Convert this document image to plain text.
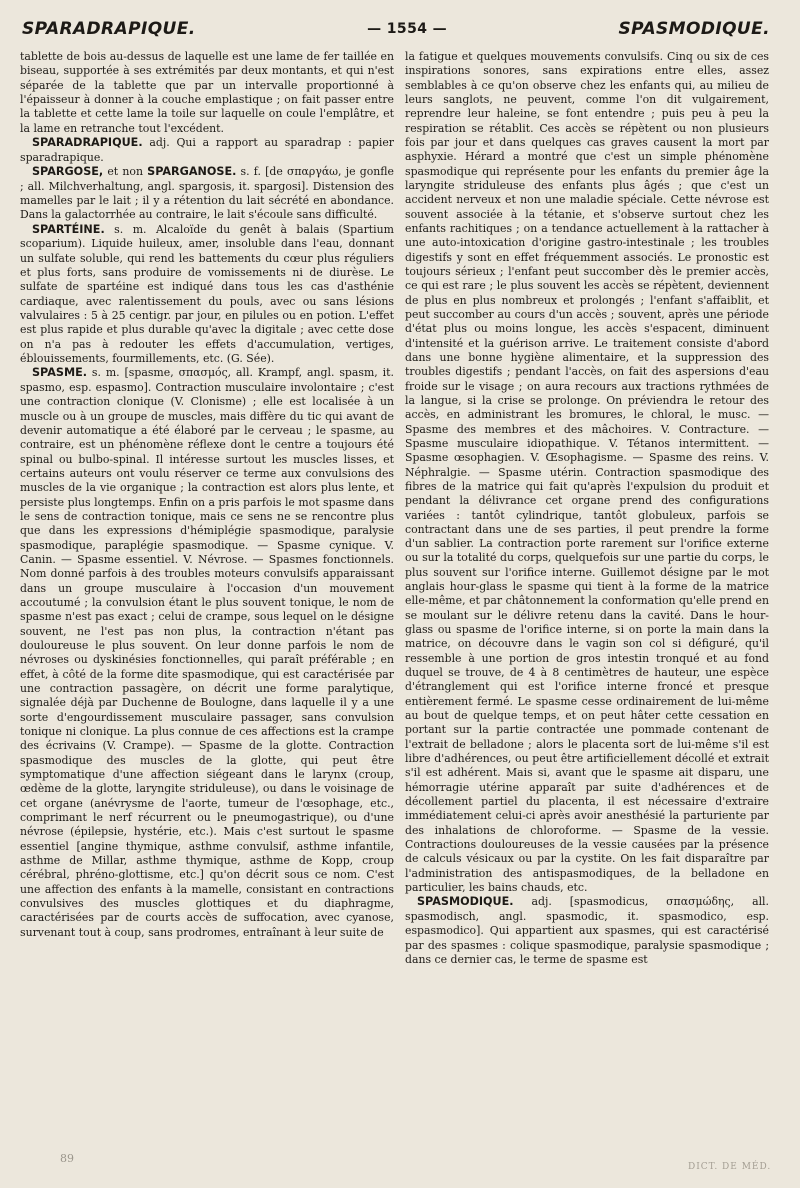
SPARADRAPIQUE.	— 1554 —	SPASMODIQUE.

tablette de bois au-dessus de laquelle est une lame de fer taillée en biseau, supportée à ses extrémités par deux montants, et qui n'est séparée de la tablette que par un intervalle proportionné à l'épaisseur à donner à la couche emplastique ; on fait passer entre la tablette et cette lame la toile sur laquelle on coule l'emplâtre, et la lame en retranche tout l'excédent.

SPARADRAPIQUE. adj. Qui a rapport au sparadrap : papier sparadrapique.

SPARGOSE, et non SPARGANOSE. s. f. [de σπαργάω, je gonfle ; all. Milchverhaltung, angl. spargosis, it. spargosi]. Distension des mamelles par le lait ; il y a rétention du lait sécrété en abondance. Dans la galactorrhée au contraire, le lait s'écoule sans difficulté.

SPARTÉINE. s. m. Alcaloïde du genêt à balais (Spartium scoparium). Liquide huileux, amer, insoluble dans l'eau, donnant un sulfate soluble, qui rend les battements du cœur plus réguliers et plus forts, sans produire de vomissements ni de diurèse. Le sulfate de spartéine est indiqué dans tous les cas d'asthénie cardiaque, avec ralentissement du pouls, avec ou sans lésions valvulaires : 5 à 25 centigr. par jour, en pilules ou en potion. L'effet est plus rapide et plus durable qu'avec la digitale ; avec cette dose on n'a pas à redouter les effets d'accumulation, vertiges, éblouissements, fourmillements, etc. (G. Sée).

SPASME. s. m. [spasme, σπασμός, all. Krampf, angl. spasm, it. spasmo, esp. espasmo]. Contraction musculaire involontaire ; c'est une contraction clonique (V. Clonisme) ; elle est localisée à un muscle ou à un groupe de muscles, mais diffère du tic qui avant de devenir automatique a été élaboré par le cerveau ; le spasme, au contraire, est un phénomène réflexe dont le centre a toujours été spinal ou bulbo-spinal. Il intéresse surtout les muscles lisses, et certains auteurs ont voulu réserver ce terme aux convulsions des muscles de la vie organique ; la contraction est alors plus lente, et persiste plus longtemps. Enfin on a pris parfois le mot spasme dans le sens de contraction tonique, mais ce sens ne se rencontre plus que dans les expressions d'hémiplégie spasmodique, paralysie spasmodique, paraplégie spasmodique. — Spasme cynique. V. Canin. — Spasme essentiel. V. Névrose. — Spasmes fonctionnels. Nom donné parfois à des troubles moteurs convulsifs apparaissant dans un groupe musculaire à l'occasion d'un mouvement accoutumé ; la convulsion étant le plus souvent tonique, le nom de spasme n'est pas exact ; celui de crampe, sous lequel on le désigne souvent, ne l'est pas non plus, la contraction n'étant pas douloureuse le plus souvent. On leur donne parfois le nom de névroses ou dyskinésies fonctionnelles, qui paraît préférable ; en effet, à côté de la forme dite spasmodique, qui est caractérisée par une contraction passagère, on décrit une forme paralytique, signalée déjà par Duchenne de Boulogne, dans laquelle il y a une sorte d'engourdissement musculaire passager, sans convulsion tonique ni clonique. La plus connue de ces affections est la crampe des écrivains (V. Crampe). — Spasme de la glotte. Contraction spasmodique des muscles de la glotte, qui peut être symptomatique d'une affection siégeant dans le larynx (croup, œdème de la glotte, laryngite striduleuse), ou dans le voisinage de cet organe (anévrysme de l'aorte, tumeur de l'œsophage, etc., comprimant le nerf récurrent ou le pneumogastrique), ou d'une névrose (épilepsie, hystérie, etc.). Mais c'est surtout le spasme essentiel [angine thymique, asthme convulsif, asthme infantile, asthme de Millar, asthme thymique, asthme de Kopp, croup cérébral, phréno-glottisme, etc.] qu'on décrit sous ce nom. C'est une affection des enfants à la mamelle, consistant en contractions convulsives des muscles glottiques et du diaphragme, caractérisées par de courts accès de suffocation, avec cyanose, survenant tout à coup, sans prodromes, entraînant à leur suite de

la fatigue et quelques mouvements convulsifs. Cinq ou six de ces inspirations sonores, sans expirations entre elles, assez semblables à ce qu'on observe chez les enfants qui, au milieu de leurs sanglots, ne peuvent, comme l'on dit vulgairement, reprendre leur haleine, se font entendre ; puis peu à peu la respiration se rétablit. Ces accès se répètent ou non plusieurs fois par jour et dans quelques cas graves causent la mort par asphyxie. Hérard a montré que c'est un simple phénomène spasmodique qui représente pour les enfants du premier âge la laryngite striduleuse des enfants plus âgés ; que c'est un accident nerveux et non une maladie spéciale. Cette névrose est souvent associée à la tétanie, et s'observe surtout chez les enfants rachitiques ; on a tendance actuellement à la rattacher à une auto-intoxication d'origine gastro-intestinale ; les troubles digestifs y sont en effet fréquemment associés. Le pronostic est toujours sérieux ; l'enfant peut succomber dès le premier accès, ce qui est rare ; le plus souvent les accès se répètent, deviennent de plus en plus nombreux et prolongés ; l'enfant s'affaiblit, et peut succomber au cours d'un accès ; souvent, après une période d'état plus ou moins longue, les accès s'espacent, diminuent d'intensité et la guérison arrive. Le traitement consiste d'abord dans une bonne hygiène alimentaire, et la suppression des troubles digestifs ; pendant l'accès, on fait des aspersions d'eau froide sur le visage ; on aura recours aux tractions rythmées de la langue, si la crise se prolonge. On préviendra le retour des accès, en administrant les bromures, le chloral, le musc. — Spasme des membres et des mâchoires. V. Contracture. — Spasme musculaire idiopathique. V. Tétanos intermittent. — Spasme œsophagien. V. Œsophagisme. — Spasme des reins. V. Néphralgie. — Spasme utérin. Contraction spasmodique des fibres de la matrice qui fait qu'après l'expulsion du produit et pendant la délivrance cet organe prend des configurations variées : tantôt cylindrique, tantôt globuleux, parfois se contractant dans une de ses parties, il peut prendre la forme d'un sablier. La contraction porte rarement sur l'orifice externe ou sur la totalité du corps, quelquefois sur une partie du corps, le plus souvent sur l'orifice interne. Guillemot désigne par le mot anglais hour-glass le spasme qui tient à la forme de la matrice elle-même, et par châtonnement la conformation qu'elle prend en se moulant sur le délivre retenu dans la cavité. Dans le hour-glass ou spasme de l'orifice interne, si on porte la main dans la matrice, on découvre dans le vagin son col si défiguré, qu'il ressemble à une portion de gros intestin tronqué et au fond duquel se trouve, de 4 à 8 centimètres de hauteur, une espèce d'étranglement qui est l'orifice interne froncé et presque entièrement fermé. Le spasme cesse ordinairement de lui-même au bout de quelque temps, et on peut hâter cette cessation en portant sur la partie contractée une pommade contenant de l'extrait de belladone ; alors le placenta sort de lui-même s'il est libre d'adhérences, ou peut être artificiellement décollé et extrait s'il est adhérent. Mais si, avant que le spasme ait disparu, une hémorragie utérine apparaît par suite d'adhérences et de décollement partiel du placenta, il est nécessaire d'extraire immédiatement celui-ci après avoir anesthésié la parturiente par des inhalations de chloroforme. — Spasme de la vessie. Contractions douloureuses de la vessie causées par la présence de calculs vésicaux ou par la cystite. On les fait disparaître par l'administration des antispasmodiques, de la belladone en particulier, les bains chauds, etc.

SPASMODIQUE. adj. [spasmodicus, σπασμώδης, all. spasmodisch, angl. spasmodic, it. spasmodico, esp. espasmodico]. Qui appartient aux spasmes, qui est caractérisé par des spasmes : colique spasmodique, paralysie spasmodique ; dans ce dernier cas, le terme de spasme est

89
DICT. DE MÉD.
